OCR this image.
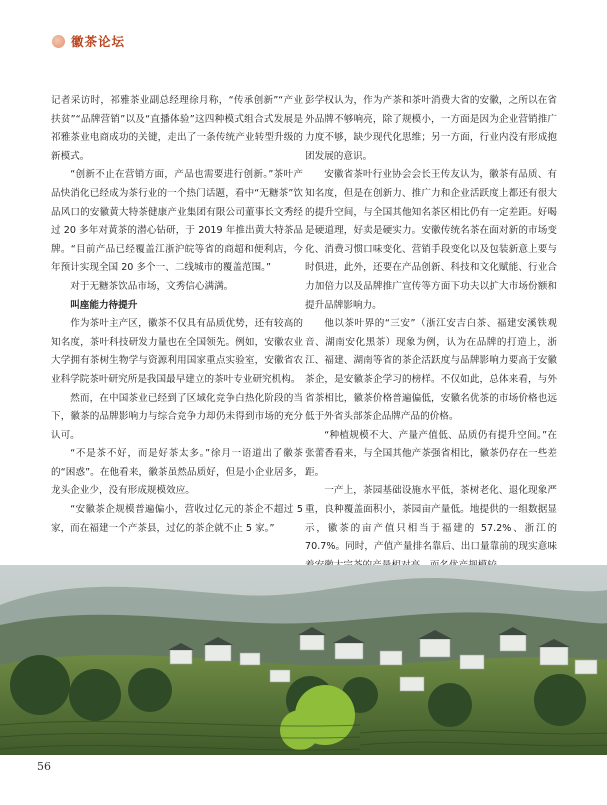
徽茶论坛

记者采访时，祁雅茶业副总经理徐月称，“传承创新”“产业扶贫”“品牌营销”以及“直播体验”这四种模式组合式发展是祁雅茶业电商成功的关键，走出了一条传统产业转型升级的新模式。

“创新不止在营销方面，产品也需要进行创新。”茶叶产品快消化已经成为茶行业的一个热门话题，看中“无糖茶”饮品风口的安徽黄大特茶健康产业集团有限公司董事长文秀经过 20 多年对黄茶的潜心钻研，于 2019 年推出黄大特茶品牌。“目前产品已经覆盖江浙沪皖等省的商超和便利店，今年预计实现全国 20 多个一、二线城市的覆盖范围。”

对于无糖茶饮品市场，文秀信心满满。

叫座能力待提升

作为茶叶主产区，徽茶不仅具有品质优势，还有较高的知名度，茶叶科技研发力量也在全国领先。例如，安徽农业大学拥有茶树生物学与资源利用国家重点实验室，安徽省农业科学院茶叶研究所是我国最早建立的茶叶专业研究机构。

然而，在中国茶业已经到了区域化竞争白热化阶段的当下，徽茶的品牌影响力与综合竞争力却仍未得到市场的充分认可。

“不是茶不好，而是好茶太多。”徐月一语道出了徽茶的“困惑”。在他看来，徽茶虽然品质好，但是小企业居多，龙头企业少，没有形成规模效应。

“安徽茶企规模普遍偏小，营收过亿元的茶企不超过 5 家，而在福建一个产茶县，过亿的茶企就不止 5 家。”

彭学权认为，作为产茶和茶叶消费大省的安徽，之所以在省外品牌不够响亮，除了规模小，一方面是因为企业营销推广力度不够，缺少现代化思维；另一方面，行业内没有形成抱团发展的意识。

安徽省茶叶行业协会会长王传友认为，徽茶有品质、有知名度，但是在创新力、推广力和企业活跃度上都还有很大的提升空间，与全国其他知名茶区相比仍有一定差距。好喝是硬道理，好卖是硬实力。安徽传统名茶在面对新的市场变化、消费习惯口味变化、营销手段变化以及包装新意上要与时俱进，此外，还要在产品创新、科技和文化赋能、行业合力加倍力以及品牌推广宣传等方面下功夫以扩大市场份额和提升品牌影响力。

他以茶叶界的“三安”（浙江安吉白茶、福建安溪铁观音、湖南安化黑茶）现象为例，认为在品牌的打造上，浙江、福建、湖南等省的茶企活跃度与品牌影响力要高于安徽茶企，是安徽茶企学习的榜样。不仅如此，总体来看，与外省茶相比，徽茶价格普遍偏低，安徽名优茶的市场价格也远低于外省头部茶企品牌产品的价格。

“种植规模不大、产量产值低、品质仍有提升空间。”在张蕾香看来，与全国其他产茶强省相比，徽茶仍存在一些差距。

一产上，茶园基础设施水平低，茶树老化、退化现象严重，良种覆盖面积小，茶园亩产量低。地提供的一组数据显示，徽茶的亩产值只相当于福建的 57.2%、浙江的 70.7%。同时，产值产量排名靠后、出口量靠前的现实意味

56
